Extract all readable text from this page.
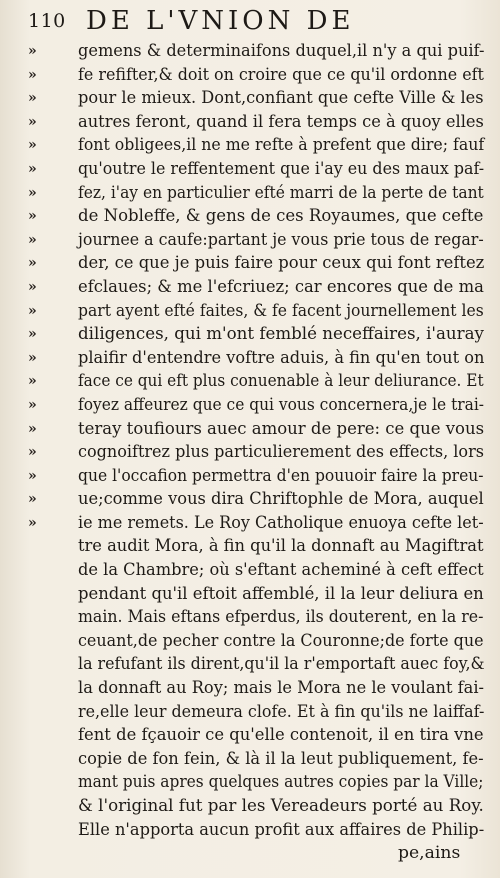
110 DE L'VNION DE
»	gemens & determinaifons duquel,il n'y a qui puif-
»	fe refifter,& doit on croire que ce qu'il ordonne eft
»	pour le mieux. Dont,confiant que cefte Ville & les
»	autres feront, quand il fera temps ce à quoy elles
»	font obligees,il ne me refte à prefent que dire; fauf
»	qu'outre le reffentement que i'ay eu des maux paf-
»	fez, i'ay en particulier efté marri de la perte de tant
»	de Nobleffe, & gens de ces Royaumes, que cefte
»	journee a caufe:partant je vous prie tous de regar-
»	der, ce que je puis faire pour ceux qui font reftez
»	efclaues; & me l'efcriuez; car encores que de ma
»	part ayent efté faites, & fe facent journellement les
»	diligences, qui m'ont femblé neceffaires, i'auray
»	plaifir d'entendre voftre aduis, à fin qu'en tout on
»	face ce qui eft plus conuenable à leur deliurance. Et
»	foyez affeurez que ce qui vous concernera,je le trai-
»	teray toufiours auec amour de pere: ce que vous
»	cognoiftrez plus particulierement des effects, lors
»	que l'occafion permettra d'en pouuoir faire la preu-
»	ue;comme vous dira Chriftophle de Mora, auquel
»	ie me remets. Le Roy Catholique enuoya cefte let-
tre audit Mora, à fin qu'il la donnaft au Magiftrat
de la Chambre; où s'eftant acheminé à ceft effect
pendant qu'il eftoit affemblé, il la leur deliura en
main. Mais eftans efperdus, ils douterent, en la re-
ceuant,de pecher contre la Couronne;de forte que
la refufant ils dirent,qu'il la r'emportaft auec foy,&
la donnaft au Roy; mais le Mora ne le voulant fai-
re,elle leur demeura clofe. Et à fin qu'ils ne laiffaf-
fent de fçauoir ce qu'elle contenoit, il en tira vne
copie de fon fein, & là il la leut publiquement, fe-
mant puis apres quelques autres copies par la Ville;
& l'original fut par les Vereadeurs porté au Roy.
Elle n'apporta aucun profit aux affaires de Philip-
pe,ains
